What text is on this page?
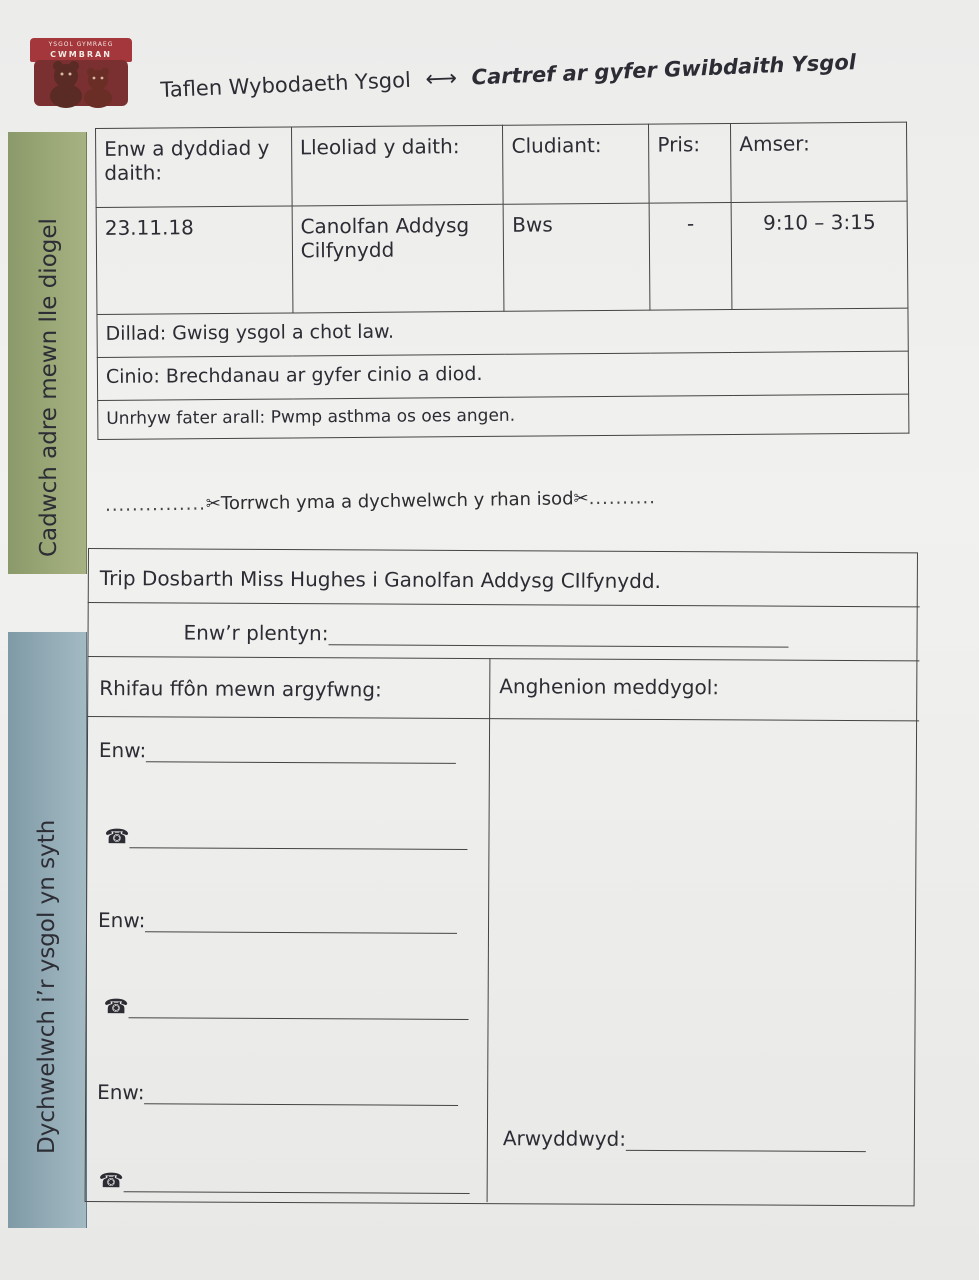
Cadwch adre mewn lle diogel
Dychwelwch i’r ysgol yn syth
YSGOL GYMRAEG
CWMBRAN
Taflen Wybodaeth Ysgol ⟷ Cartref ar gyfer Gwibdaith Ysgol
Enw a dyddiad y daith:	Lleoliad y daith:	Cludiant:	Pris:	Amser:
23.11.18	Canolfan Addysg Cilfynydd	Bws	-	9:10 – 3:15
Dillad: Gwisg ysgol a chot law.				
Cinio: Brechdanau ar gyfer cinio a diod.				
Unrhyw fater arall: Pwmp asthma os oes angen.				
...............✂Torrwch yma a dychwelwch y rhan isod✂..........
Trip Dosbarth Miss Hughes i Ganolfan Addysg CIlfynydd.
Enw’r plentyn:
Rhifau ffôn mewn argyfwng:	Anghenion meddygol:
Enw:
☎
Enw:
☎
Enw:
☎
Arwyddwyd:
